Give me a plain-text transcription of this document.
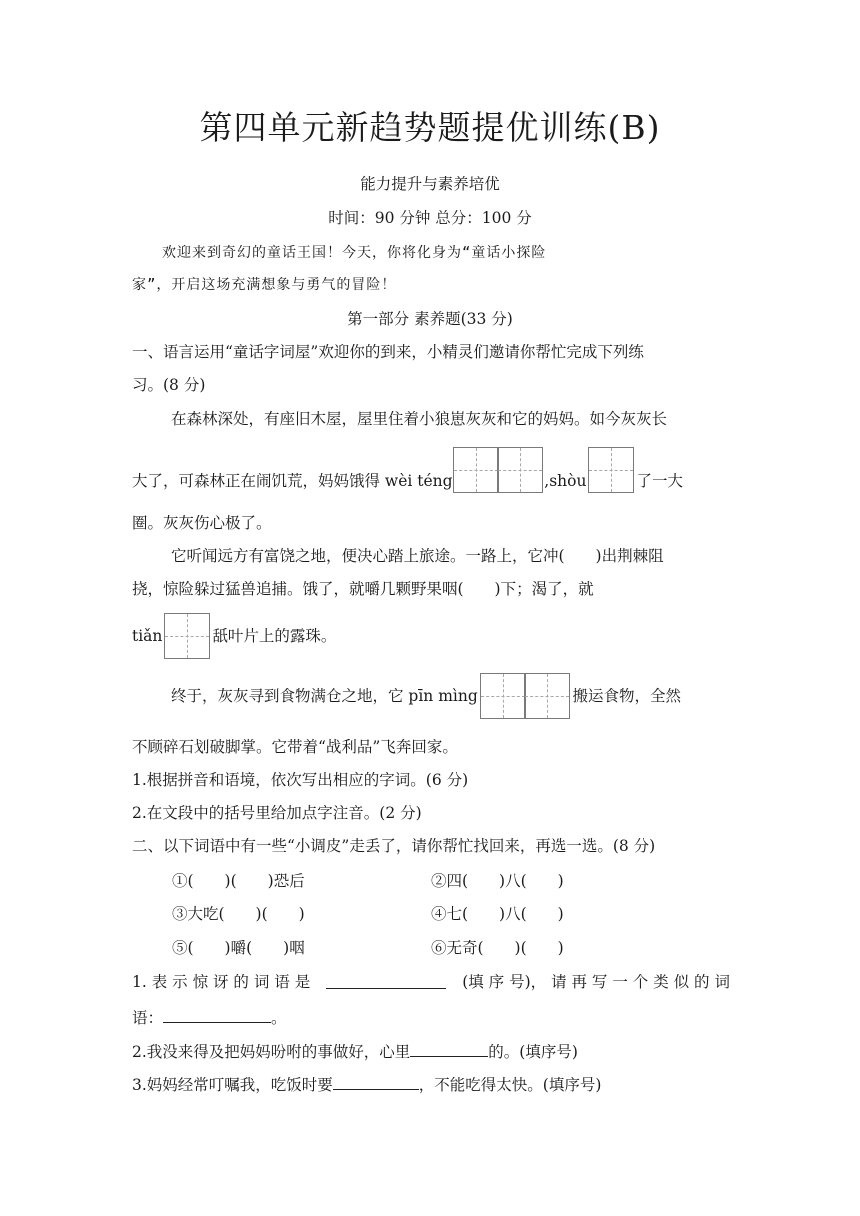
第四单元新趋势题提优训练(B)
能力提升与素养培优
时间：90 分钟 总分：100 分
欢迎来到奇幻的童话王国！今天，你将化身为“童话小探险
家”，开启这场充满想象与勇气的冒险！
第一部分 素养题(33 分)
一、语言运用“童话字词屋”欢迎你的到来，小精灵们邀请你帮忙完成下列练
习。(8 分)
在森林深处，有座旧木屋，屋里住着小狼崽灰灰和它的妈妈。如今灰灰长
大了，可森林正在闹饥荒，妈妈饿得 wèi téng	,shòu	了一大
圈。灰灰伤心极了。
它听闻远方有富饶之地，便决心踏上旅途。一路上，它冲(　　)出荆棘阻
挠，惊险躲过猛兽追捕。饿了，就嚼几颗野果咽(　　)下；渴了，就
tiǎn	舐叶片上的露珠。
终于，灰灰寻到食物满仓之地，它 pīn mìng	搬运食物，全然
不顾碎石划破脚掌。它带着“战利品”飞奔回家。
1.根据拼音和语境，依次写出相应的字词。(6 分)
2.在文段中的括号里给加点字注音。(2 分)
二、以下词语中有一些“小调皮”走丢了，请你帮忙找回来，再选一选。(8 分)
①(　　)(　　)恐后	②四(　　)八(　　)
③大吃(　　)(　　)	④七(　　)八(　　)
⑤(　　)嚼(　　)咽	⑥无奇(　　)(　　)
1. 表 示 惊 讶 的 词 语 是	(填 序 号)， 请 再 写 一 个 类 似 的 词
语：	。
2.我没来得及把妈妈吩咐的事做好，心里	的。(填序号)
3.妈妈经常叮嘱我，吃饭时要	，不能吃得太快。(填序号)
